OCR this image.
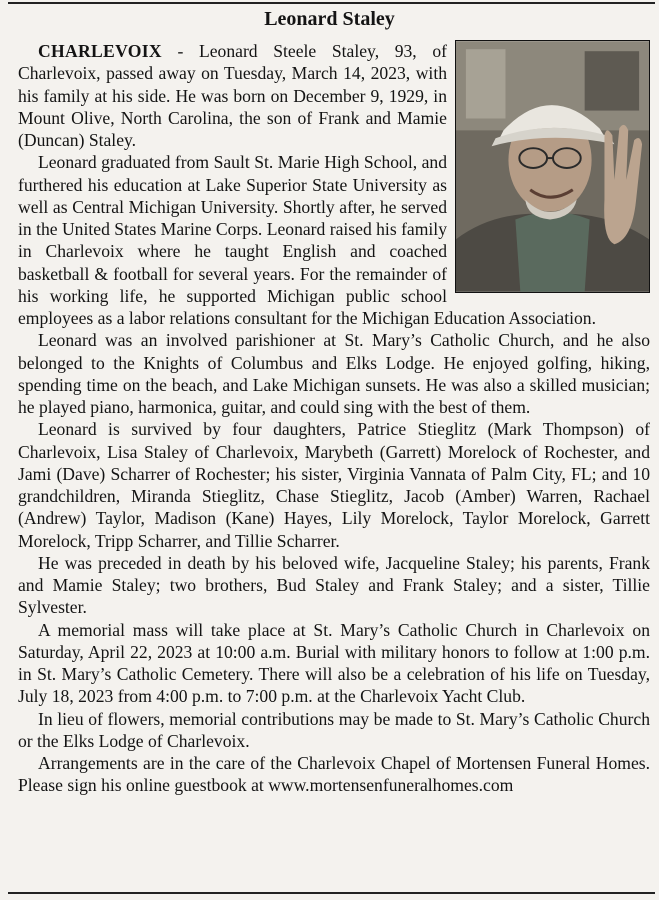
Leonard Staley

CHARLEVOIX - Leonard Steele Staley, 93, of Charlevoix, passed away on Tuesday, March 14, 2023, with his family at his side. He was born on December 9, 1929, in Mount Olive, North Carolina, the son of Frank and Mamie (Duncan) Staley.

Leonard graduated from Sault St. Marie High School, and furthered his education at Lake Superior State University as well as Central Michigan University. Shortly after, he served in the United States Marine Corps. Leonard raised his family in Charlevoix where he taught English and coached basketball & football for several years. For the remainder of his working life, he supported Michigan public school employees as a labor relations consultant for the Michigan Education Association.

Leonard was an involved parishioner at St. Mary’s Catholic Church, and he also belonged to the Knights of Columbus and Elks Lodge. He enjoyed golfing, hiking, spending time on the beach, and Lake Michigan sunsets. He was also a skilled musician; he played piano, harmonica, guitar, and could sing with the best of them.

Leonard is survived by four daughters, Patrice Stieglitz (Mark Thompson) of Charlevoix, Lisa Staley of Charlevoix, Marybeth (Garrett) Morelock of Rochester, and Jami (Dave) Scharrer of Rochester; his sister, Virginia Vannata of Palm City, FL; and 10 grandchildren, Miranda Stieglitz, Chase Stieglitz, Jacob (Amber) Warren, Rachael (Andrew) Taylor, Madison (Kane) Hayes, Lily Morelock, Taylor Morelock, Garrett Morelock, Tripp Scharrer, and Tillie Scharrer.

He was preceded in death by his beloved wife, Jacqueline Staley; his parents, Frank and Mamie Staley; two brothers, Bud Staley and Frank Staley; and a sister, Tillie Sylvester.

A memorial mass will take place at St. Mary’s Catholic Church in Charlevoix on Saturday, April 22, 2023 at 10:00 a.m. Burial with military honors to follow at 1:00 p.m. in St. Mary’s Catholic Cemetery. There will also be a celebration of his life on Tuesday, July 18, 2023 from 4:00 p.m. to 7:00 p.m. at the Charlevoix Yacht Club.

In lieu of flowers, memorial contributions may be made to St. Mary’s Catholic Church or the Elks Lodge of Charlevoix.

Arrangements are in the care of the Charlevoix Chapel of Mortensen Funeral Homes. Please sign his online guestbook at www.mortensenfuneralhomes.com
